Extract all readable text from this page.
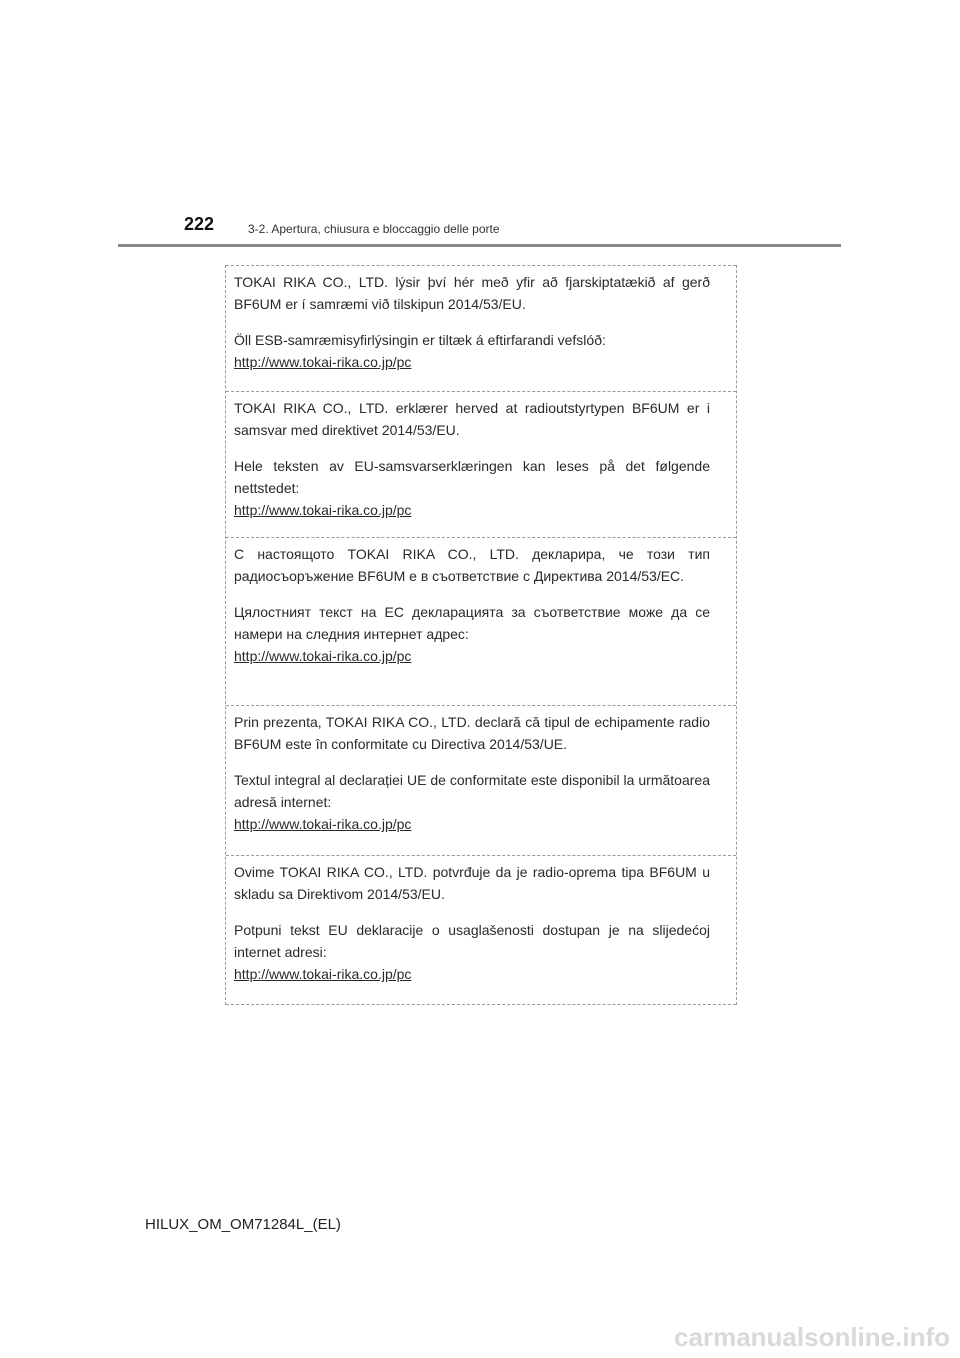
222	3-2. Apertura, chiusura e bloccaggio delle porte

TOKAI RIKA CO., LTD. lýsir því hér með yfir að fjarskiptatækið af gerð BF6UM er í samræmi við tilskipun 2014/53/EU.

Öll ESB-samræmisyfirlýsingin er tiltæk á eftirfarandi vefslóð:

http://www.tokai-rika.co.jp/pc

TOKAI RIKA CO., LTD. erklærer herved at radioutstyrtypen BF6UM er i samsvar med direktivet 2014/53/EU.

Hele teksten av EU-samsvarserklæringen kan leses på det følgende nettstedet:

http://www.tokai-rika.co.jp/pc

С настоящото TOKAI RIKA CO., LTD. декларира, че този тип радиосъоръжение BF6UM е в съответствие с Директива 2014/53/ЕС.

Цялостният текст на ЕС декларацията за съответствие може да се намери на следния интернет адрес:

http://www.tokai-rika.co.jp/pc

Prin prezenta, TOKAI RIKA CO., LTD. declară că tipul de echipamente radio BF6UM este în conformitate cu Directiva 2014/53/UE.

Textul integral al declarației UE de conformitate este disponibil la următoarea adresă internet:

http://www.tokai-rika.co.jp/pc

Ovime TOKAI RIKA CO., LTD. potvrđuje da je radio-oprema tipa BF6UM u skladu sa Direktivom 2014/53/EU.

Potpuni tekst EU deklaracije o usaglašenosti dostupan je na slijedećoj internet adresi:

http://www.tokai-rika.co.jp/pc
HILUX_OM_OM71284L_(EL)
carmanualsonline.info
